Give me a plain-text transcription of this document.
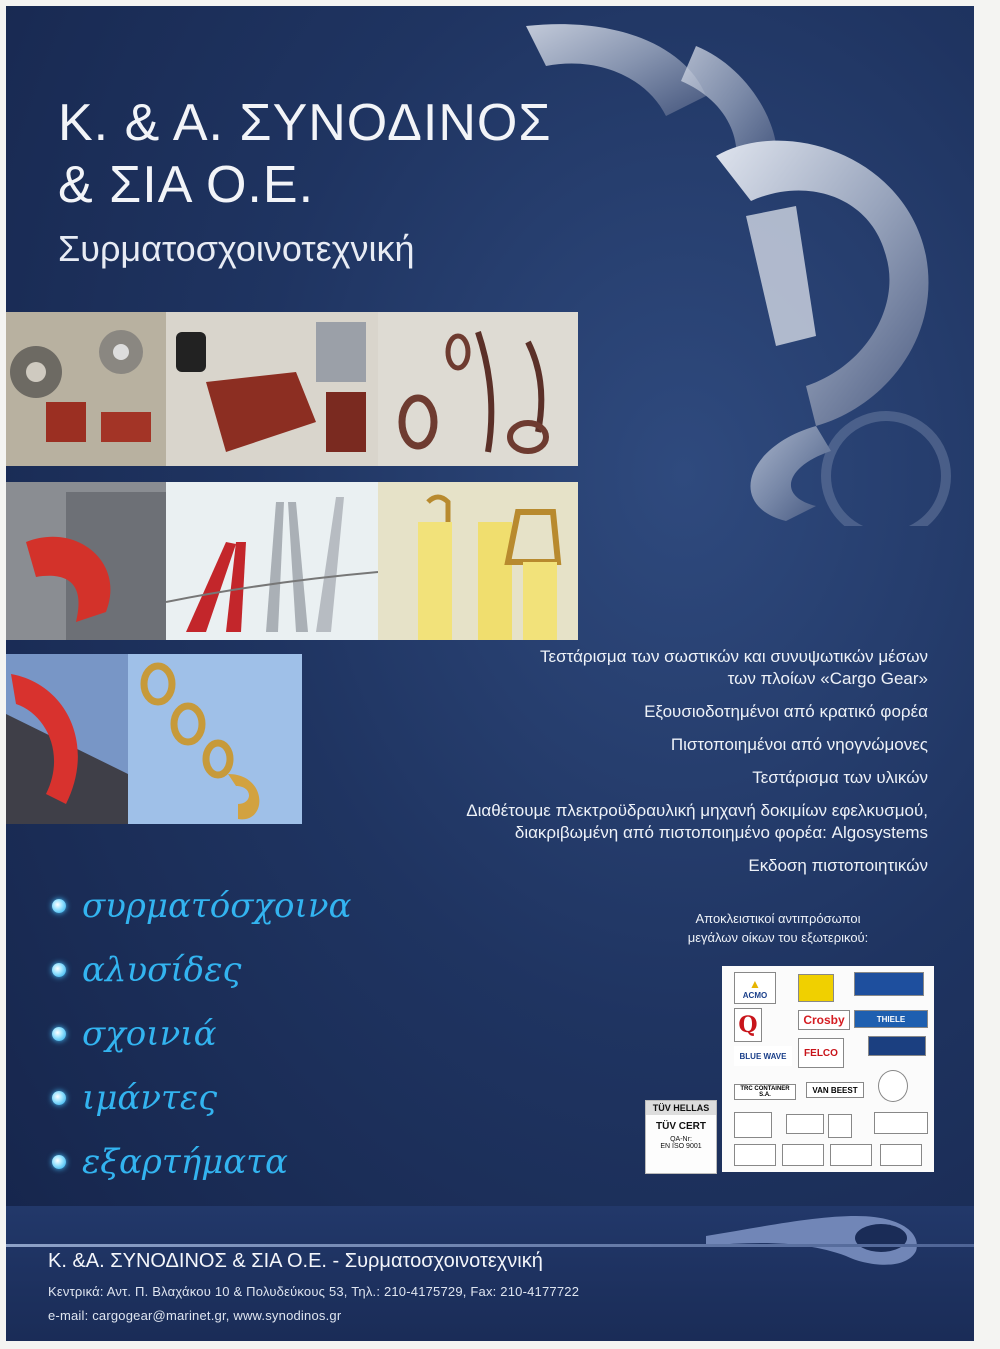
Κ. & Α. ΣΥΝΟΔΙΝΟΣ
& ΣΙΑ Ο.Ε.
Συρματοσχοινοτεχνική

Τεστάρισμα των σωστικών και συνυψωτικών μέσων
των πλοίων «Cargo Gear»

Εξουσιοδοτημένοι από κρατικό φορέα

Πιστοποιημένοι από νηογνώμονες

Τεστάρισμα των υλικών

Διαθέτουμε πλεκτροϋδραυλική μηχανή δοκιμίων εφελκυσμού,
διακριβωμένη από πιστοποιημένο φορέα: Algosystems

Εκδοση πιστοποιητικών

Αποκλειστικοί αντιπρόσωποι
μεγάλων οίκων του εξωτερικού:
συρματόσχοινα
αλυσίδες
σχοινιά
ιμάντες
εξαρτήματα
▲
ACMO
Q	Crosby	THIELE
BLUE WAVE	FELCO
TRC CONTAINER S.A.
VAN BEEST
TÜV HELLAS
TÜV CERT
QA-Nr:
EN ISO 9001

Κ. &Α. ΣΥΝΟΔΙΝΟΣ & ΣΙΑ Ο.Ε. - Συρματοσχοινοτεχνική

Κεντρικά: Αντ. Π. Βλαχάκου 10 & Πολυδεύκους 53, Τηλ.: 210-4175729, Fax: 210-4177722
e-mail: cargogear@marinet.gr, www.synodinos.gr
